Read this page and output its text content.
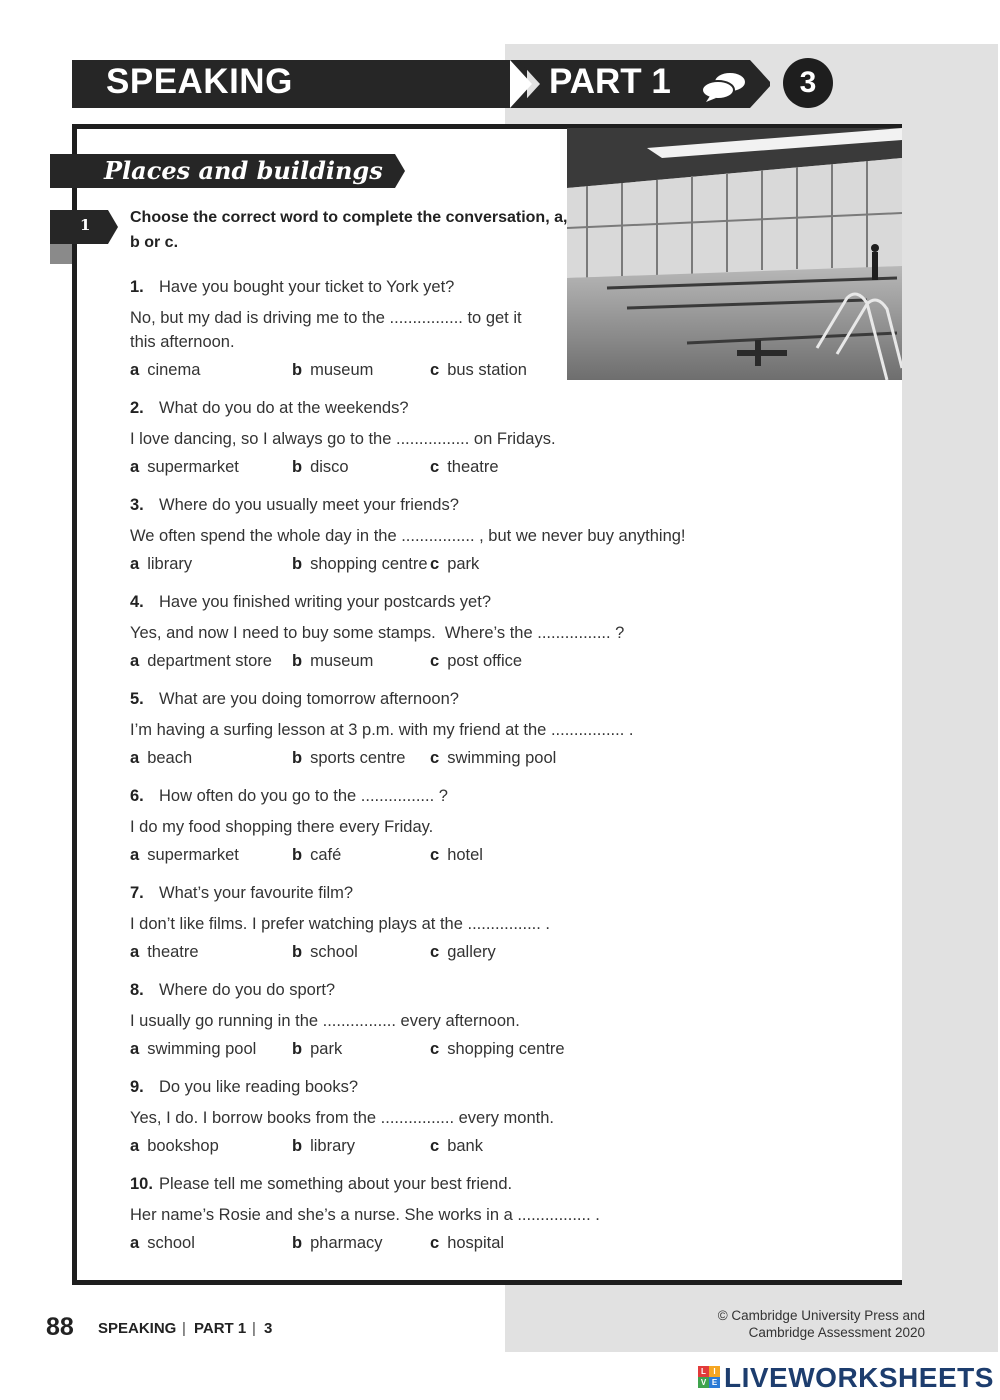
SPEAKING	PART 1	3
Places and buildings
1 Choose the correct word to complete the conversation, a, b or c.
1. Have you bought your ticket to York yet?
No, but my dad is driving me to the ................ to get it this afternoon.
a cinema	b museum	c bus station
2. What do you do at the weekends?
I love dancing, so I always go to the ................ on Fridays.
a supermarket	b disco	c theatre
3. Where do you usually meet your friends?
We often spend the whole day in the ................ , but we never buy anything!
a library	b shopping centre c park
4. Have you finished writing your postcards yet?
Yes, and now I need to buy some stamps.  Where’s the ................ ?
a department store b museum	c post office
5. What are you doing tomorrow afternoon?
I’m having a surfing lesson at 3 p.m. with my friend at the ................ .
a beach	b sports centre c swimming pool
6. How often do you go to the ................ ?
I do my food shopping there every Friday.
a supermarket	b café	c hotel
7. What’s your favourite film?
I don’t like films. I prefer watching plays at the ................ .
a theatre	b school	c gallery
8. Where do you do sport?
I usually go running in the ................ every afternoon.
a swimming pool b park	c shopping centre
9. Do you like reading books?
Yes, I do. I borrow books from the ................ every month.
a bookshop	b library	c bank
10. Please tell me something about your best friend.
Her name’s Rosie and she’s a nurse. She works in a ................ .
a school	b pharmacy	c hospital
88 SPEAKING | PART 1 | 3
© Cambridge University Press and
Cambridge Assessment 2020
L I
V E LIVEWORKSHEETS
